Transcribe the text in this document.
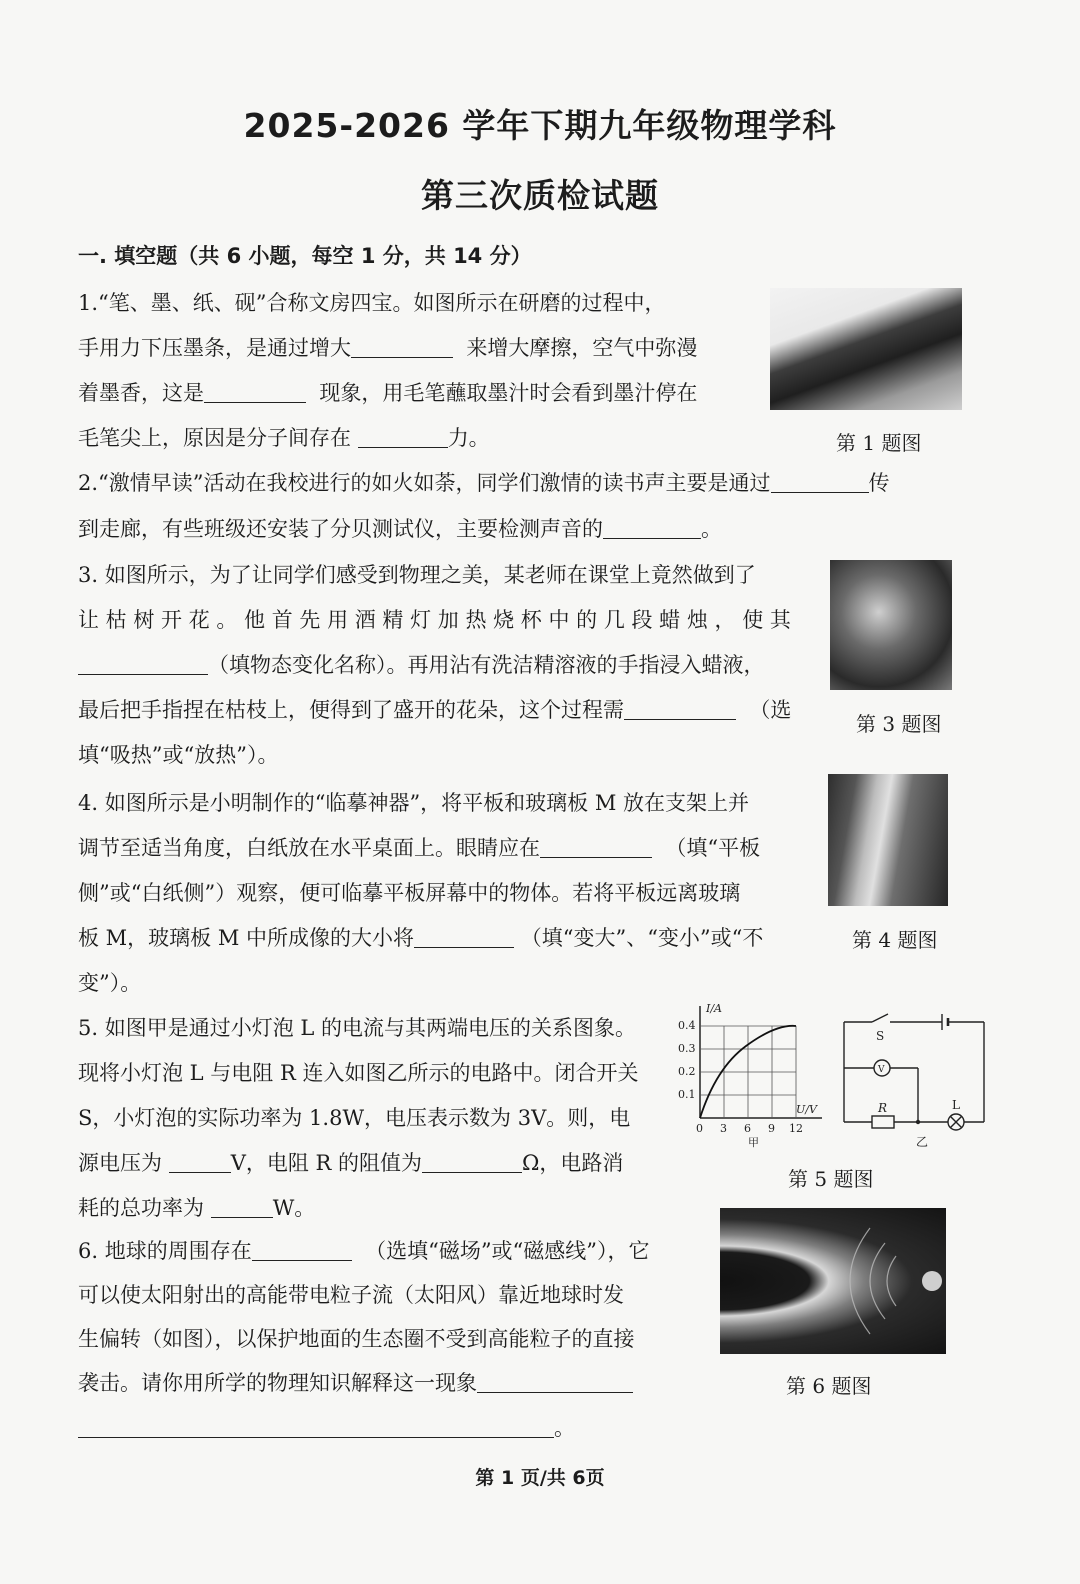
2025-2026 学年下期九年级物理学科
第三次质检试题
一. 填空题（共 6 小题，每空 1 分，共 14 分）
1.“笔、墨、纸、砚”合称文房四宝。如图所示在研磨的过程中，
手用力下压墨条，是通过增大	来增大摩擦，空气中弥漫
着墨香，这是	现象，用毛笔蘸取墨汁时会看到墨汁停在
毛笔尖上，原因是分子间存在	力。	第 1 题图
2.“激情早读”活动在我校进行的如火如荼，同学们激情的读书声主要是通过	传
到走廊，有些班级还安装了分贝测试仪，主要检测声音的	。
3. 如图所示，为了让同学们感受到物理之美，某老师在课堂上竟然做到了
让 枯 树 开 花 。 他 首 先 用 酒 精 灯 加 热 烧 杯 中 的 几 段 蜡 烛 ， 使 其
（填物态变化名称）。再用沾有洗洁精溶液的手指浸入蜡液，
最后把手指捏在枯枝上，便得到了盛开的花朵，这个过程需	（选
填“吸热”或“放热”）。
第 3 题图
4. 如图所示是小明制作的“临摹神器”，将平板和玻璃板 M 放在支架上并
调节至适当角度，白纸放在水平桌面上。眼睛应在	（填“平板
侧”或“白纸侧”）观察，便可临摹平板屏幕中的物体。若将平板远离玻璃
板 M，玻璃板 M 中所成像的大小将	（填“变大”、“变小”或“不
变”）。
第 4 题图
5. 如图甲是通过小灯泡 L 的电流与其两端电压的关系图象。
现将小灯泡 L 与电阻 R 连入如图乙所示的电路中。闭合开关
S，小灯泡的实际功率为 1.8W，电压表示数为 3V。则，电
源电压为	V，电阻 R 的阻值为	Ω，电路消
耗的总功率为	W。
I/A
U/V
0.4
0.3
0.2
0.1
0 3 6 9 12
甲
S
V
R	L
乙
第 5 题图
6. 地球的周围存在	（选填“磁场”或“磁感线”），它
可以使太阳射出的高能带电粒子流（太阳风）靠近地球时发
生偏转（如图），以保护地面的生态圈不受到高能粒子的直接
袭击。请你用所学的物理知识解释这一现象
。
第 6 题图
第 1 页/共 6页
